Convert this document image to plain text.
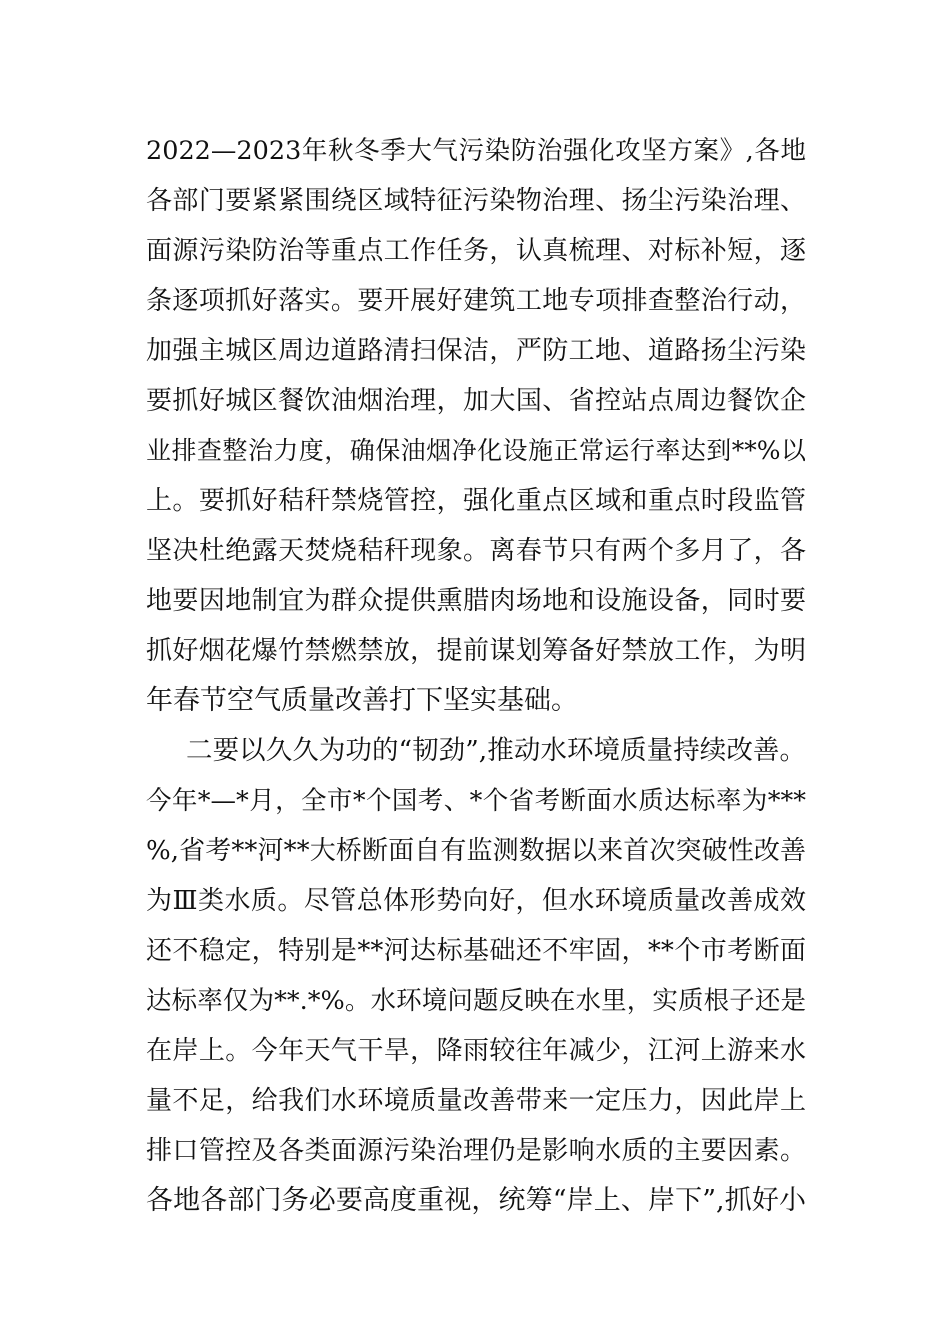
2022—2023年秋冬季大气污染防治强化攻坚方案》,各地
各部门要紧紧围绕区域特征污染物治理、扬尘污染治理、
面源污染防治等重点工作任务，认真梳理、对标补短，逐
条逐项抓好落实。要开展好建筑工地专项排查整治行动，
加强主城区周边道路清扫保洁，严防工地、道路扬尘污染
要抓好城区餐饮油烟治理，加大国、省控站点周边餐饮企
业排查整治力度，确保油烟净化设施正常运行率达到**%以
上。要抓好秸秆禁烧管控，强化重点区域和重点时段监管
坚决杜绝露天焚烧秸秆现象。离春节只有两个多月了，各
地要因地制宜为群众提供熏腊肉场地和设施设备，同时要
抓好烟花爆竹禁燃禁放，提前谋划筹备好禁放工作，为明
年春节空气质量改善打下坚实基础。
二要以久久为功的“韧劲”,推动水环境质量持续改善。
今年*—*月，全市*个国考、*个省考断面水质达标率为***
%,省考**河**大桥断面自有监测数据以来首次突破性改善
为Ⅲ类水质。尽管总体形势向好，但水环境质量改善成效
还不稳定，特别是**河达标基础还不牢固，**个市考断面
达标率仅为**.*%。水环境问题反映在水里，实质根子还是
在岸上。今年天气干旱，降雨较往年减少，江河上游来水
量不足，给我们水环境质量改善带来一定压力，因此岸上
排口管控及各类面源污染治理仍是影响水质的主要因素。
各地各部门务必要高度重视，统筹“岸上、岸下”,抓好小
